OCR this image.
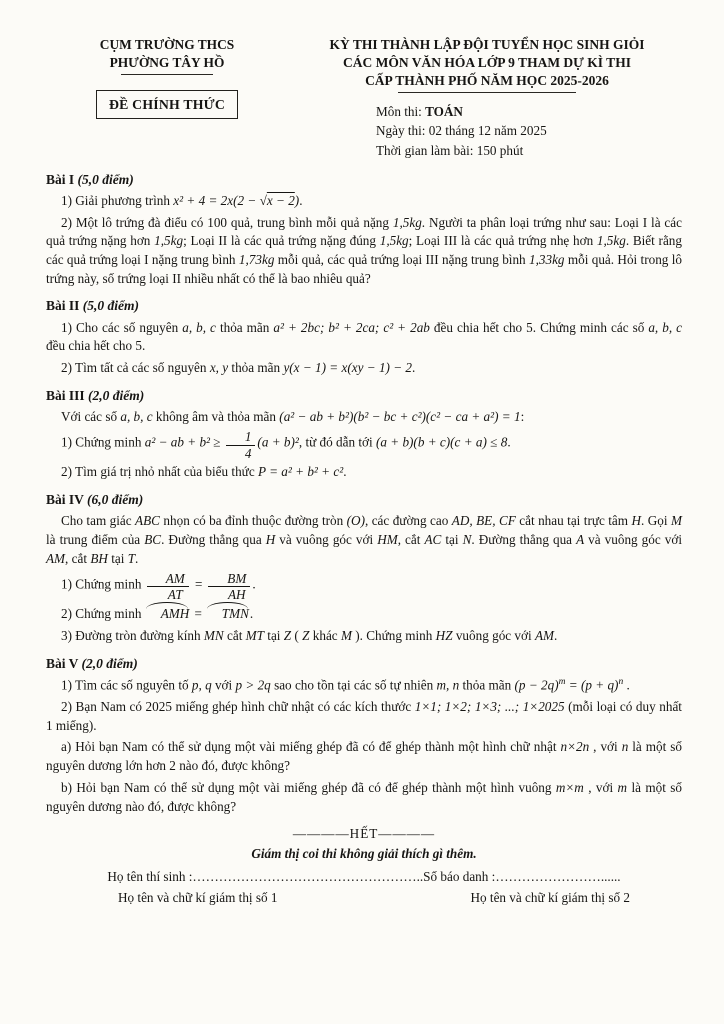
CỤM TRƯỜNG THCS
PHƯỜNG TÂY HỒ
ĐỀ CHÍNH THỨC
KỲ THI THÀNH LẬP ĐỘI TUYỂN HỌC SINH GIỎI
CÁC MÔN VĂN HÓA LỚP 9 THAM DỰ KÌ THI
CẤP THÀNH PHỐ NĂM HỌC 2025-2026
Môn thi: TOÁN
Ngày thi: 02 tháng 12 năm 2025
Thời gian làm bài: 150 phút
Bài I (5,0 điểm)

1) Giải phương trình x² + 4 = 2x(2 − √x − 2).

2) Một lô trứng đà điểu có 100 quả, trung bình mỗi quả nặng 1,5kg. Người ta phân loại trứng như sau: Loại I là các quả trứng nặng hơn 1,5kg; Loại II là các quả trứng nặng đúng 1,5kg; Loại III là các quả trứng nhẹ hơn 1,5kg. Biết rằng các quả trứng loại I nặng trung bình 1,73kg mỗi quả, các quả trứng loại III nặng trung bình 1,33kg mỗi quả. Hỏi trong lô trứng này, số trứng loại II nhiều nhất có thể là bao nhiêu quả?

Bài II (5,0 điểm)

1) Cho các số nguyên a, b, c thỏa mãn a² + 2bc; b² + 2ca; c² + 2ab đều chia hết cho 5. Chứng minh các số a, b, c đều chia hết cho 5.

2) Tìm tất cả các số nguyên x, y thỏa mãn y(x − 1) = x(xy − 1) − 2.

Bài III (2,0 điểm)

Với các số a, b, c không âm và thỏa mãn (a² − ab + b²)(b² − bc + c²)(c² − ca + a²) = 1:

1) Chứng minh a² − ab + $b^2 \ge \frac{1}{4} (a + b)^2$, từ đó dẫn tới (a + b)(b + c)(c + a) ≤ 8.

2) Tìm giá trị nhỏ nhất của biểu thức P = a² + b² + c².

Bài IV (6,0 điểm)

Cho tam giác ABC nhọn có ba đỉnh thuộc đường tròn (O), các đường cao AD, BE, CF cắt nhau tại trực tâm H. Gọi M là trung điểm của BC. Đường thẳng qua H và vuông góc với HM, cắt AC tại N. Đường thẳng qua A và vuông góc với AM, cắt BH tại T.

1) Chứng minh $\frac{AM}{AT} = \frac{BM}{AH}$ .

2) Chứng minh AMH = TMN.

3) Đường tròn đường kính MN cắt MT tại Z ( Z khác M ). Chứng minh HZ vuông góc với AM.

Bài V (2,0 điểm)

1) Tìm các số nguyên tố p, q với p > 2q sao cho tồn tại các số tự nhiên m, n thỏa mãn $(p - 2q)^m = (p + q)^n$ .

2) Bạn Nam có 2025 miếng ghép hình chữ nhật có các kích thước 1×1; 1×2; 1×3; ...; 1×2025 (mỗi loại có duy nhất 1 miếng).

a) Hỏi bạn Nam có thể sử dụng một vài miếng ghép đã có để ghép thành một hình chữ nhật n×2n , với n là một số nguyên dương lớn hơn 2 nào đó, được không?

b) Hỏi bạn Nam có thể sử dụng một vài miếng ghép đã có để ghép thành một hình vuông m×m , với m là một số nguyên dương nào đó, được không?

————HẾT————
Giám thị coi thi không giải thích gì thêm.
Họ tên thí sinh :……………………………………………..Số báo danh :……………………......
Họ tên và chữ kí giám thị số 1	Họ tên và chữ kí giám thị số 2
